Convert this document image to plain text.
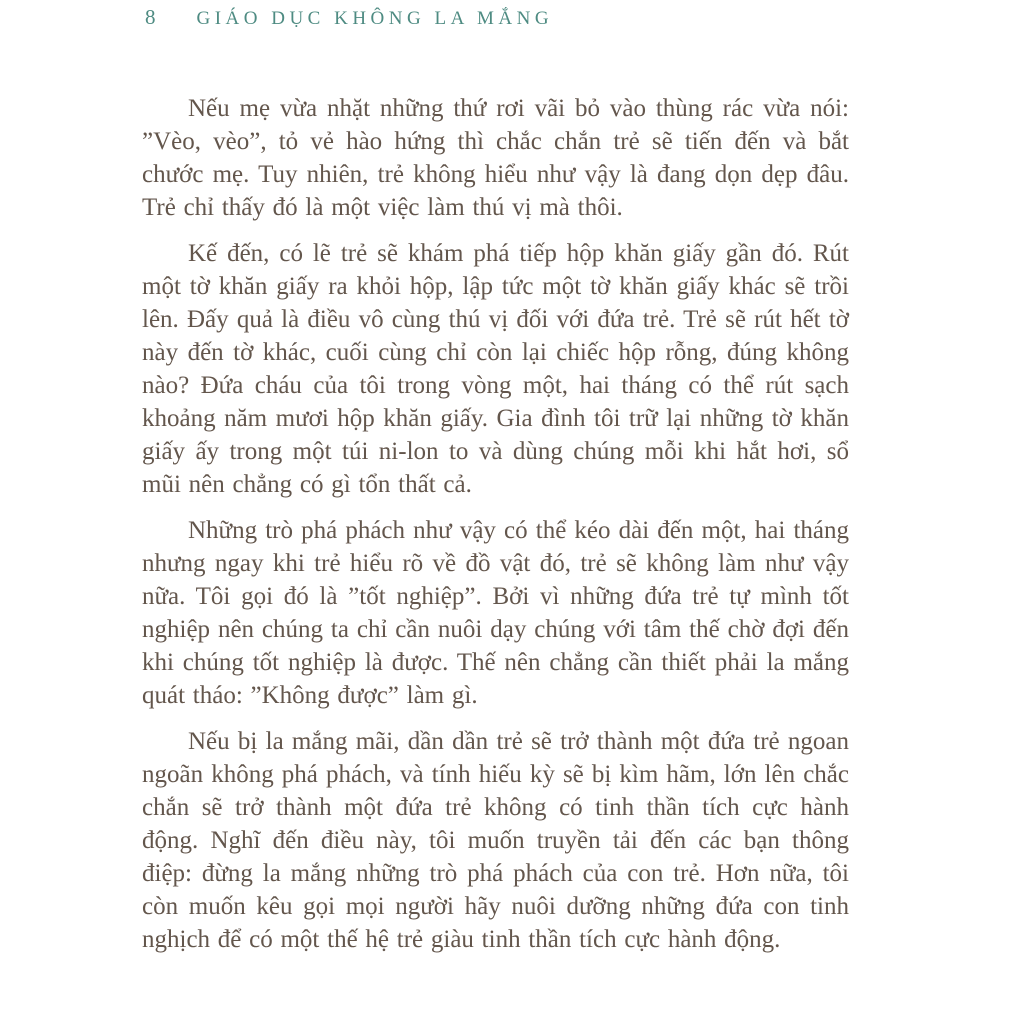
8 GIÁO DỤC KHÔNG LA MẮNG

Nếu mẹ vừa nhặt những thứ rơi vãi bỏ vào thùng rác vừa nói: ”Vèo, vèo”, tỏ vẻ hào hứng thì chắc chắn trẻ sẽ tiến đến và bắt chước mẹ. Tuy nhiên, trẻ không hiểu như vậy là đang dọn dẹp đâu. Trẻ chỉ thấy đó là một việc làm thú vị mà thôi.

Kế đến, có lẽ trẻ sẽ khám phá tiếp hộp khăn giấy gần đó. Rút một tờ khăn giấy ra khỏi hộp, lập tức một tờ khăn giấy khác sẽ trồi lên. Đấy quả là điều vô cùng thú vị đối với đứa trẻ. Trẻ sẽ rút hết tờ này đến tờ khác, cuối cùng chỉ còn lại chiếc hộp rỗng, đúng không nào? Đứa cháu của tôi trong vòng một, hai tháng có thể rút sạch khoảng năm mươi hộp khăn giấy. Gia đình tôi trữ lại những tờ khăn giấy ấy trong một túi ni-lon to và dùng chúng mỗi khi hắt hơi, sổ mũi nên chẳng có gì tổn thất cả.

Những trò phá phách như vậy có thể kéo dài đến một, hai tháng nhưng ngay khi trẻ hiểu rõ về đồ vật đó, trẻ sẽ không làm như vậy nữa. Tôi gọi đó là ”tốt nghiệp”. Bởi vì những đứa trẻ tự mình tốt nghiệp nên chúng ta chỉ cần nuôi dạy chúng với tâm thế chờ đợi đến khi chúng tốt nghiệp là được. Thế nên chẳng cần thiết phải la mắng quát tháo: ”Không được” làm gì.

Nếu bị la mắng mãi, dần dần trẻ sẽ trở thành một đứa trẻ ngoan ngoãn không phá phách, và tính hiếu kỳ sẽ bị kìm hãm, lớn lên chắc chắn sẽ trở thành một đứa trẻ không có tinh thần tích cực hành động. Nghĩ đến điều này, tôi muốn truyền tải đến các bạn thông điệp: đừng la mắng những trò phá phách của con trẻ. Hơn nữa, tôi còn muốn kêu gọi mọi người hãy nuôi dưỡng những đứa con tinh nghịch để có một thế hệ trẻ giàu tinh thần tích cực hành động.
